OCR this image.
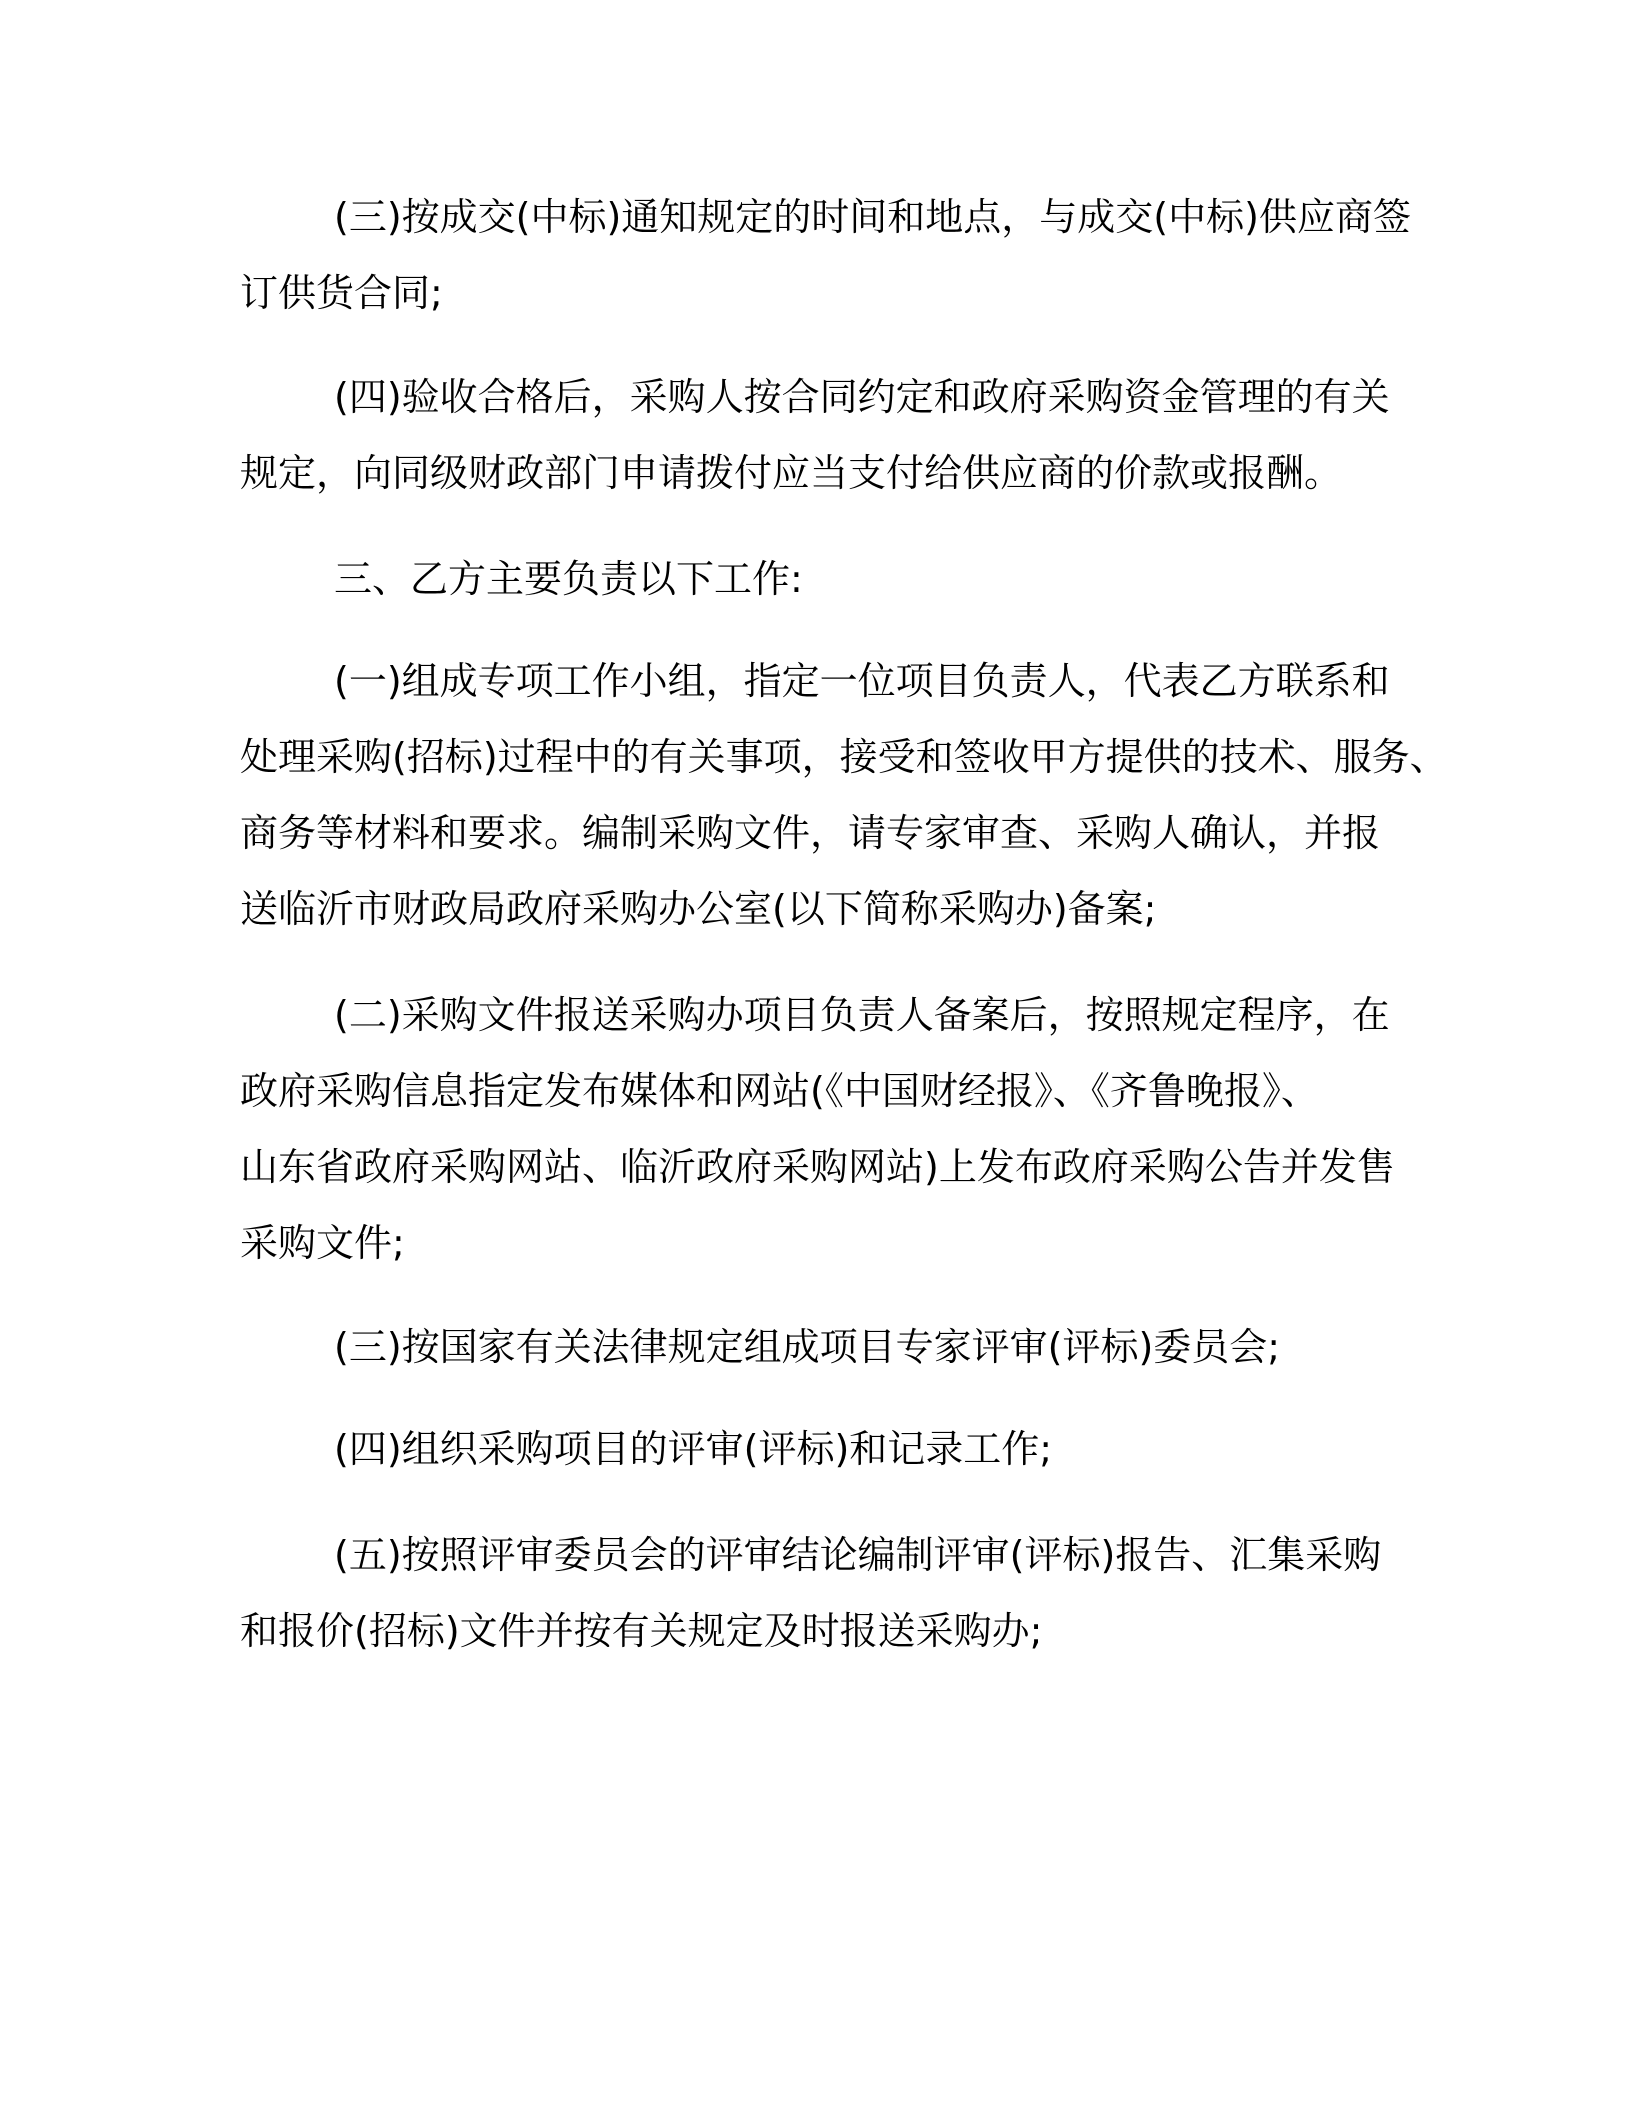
(三)按成交(中标)通知规定的时间和地点，与成交(中标)供应商签
订供货合同;
(四)验收合格后，采购人按合同约定和政府采购资金管理的有关
规定，向同级财政部门申请拨付应当支付给供应商的价款或报酬。
三、乙方主要负责以下工作:
(一)组成专项工作小组，指定一位项目负责人，代表乙方联系和
处理采购(招标)过程中的有关事项，接受和签收甲方提供的技术、服务、
商务等材料和要求。编制采购文件，请专家审查、采购人确认，并报
送临沂市财政局政府采购办公室(以下简称采购办)备案;
(二)采购文件报送采购办项目负责人备案后，按照规定程序，在
政府采购信息指定发布媒体和网站(《中国财经报》、《齐鲁晚报》、
山东省政府采购网站、临沂政府采购网站)上发布政府采购公告并发售
采购文件;
(三)按国家有关法律规定组成项目专家评审(评标)委员会;
(四)组织采购项目的评审(评标)和记录工作;
(五)按照评审委员会的评审结论编制评审(评标)报告、汇集采购
和报价(招标)文件并按有关规定及时报送采购办;
